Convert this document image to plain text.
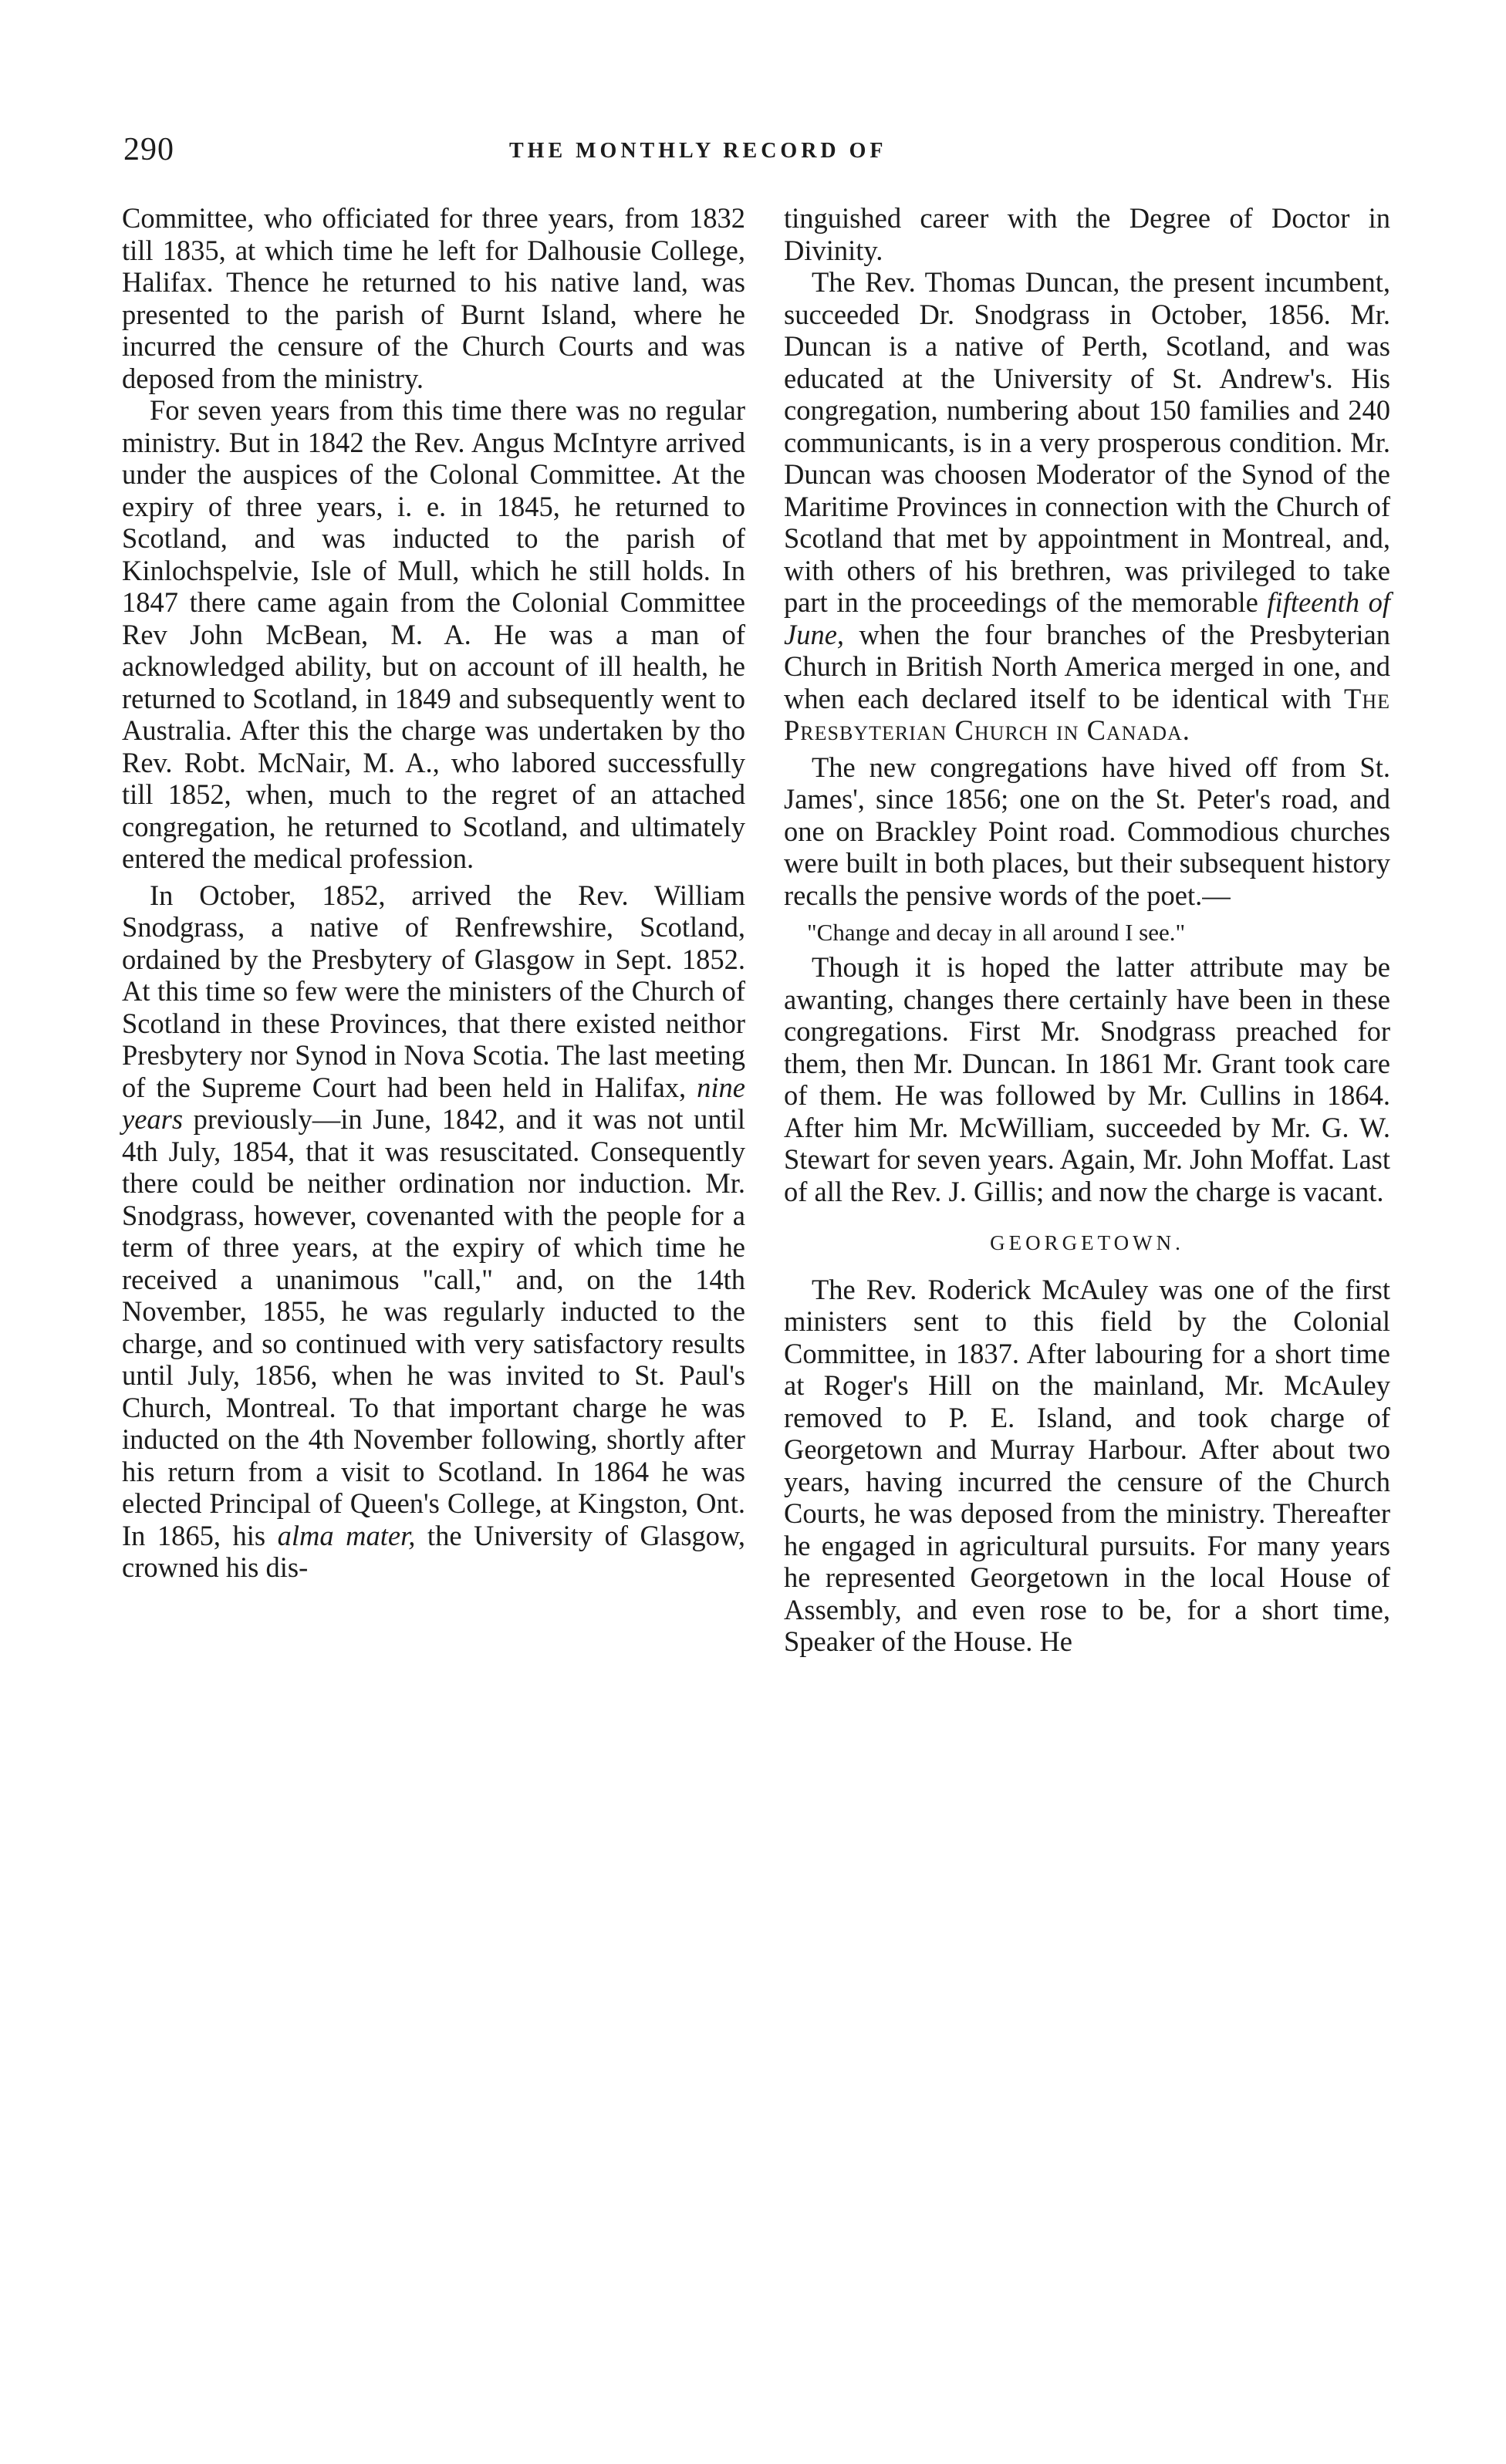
290	THE MONTHLY RECORD OF

Committee, who officiated for three years, from 1832 till 1835, at which time he left for Dalhousie College, Halifax. Thence he returned to his native land, was presented to the parish of Burnt Island, where he incurred the censure of the Church Courts and was deposed from the ministry.

For seven years from this time there was no regular ministry. But in 1842 the Rev. Angus McIntyre arrived under the auspices of the Colonal Committee. At the expiry of three years, i. e. in 1845, he returned to Scotland, and was inducted to the parish of Kinlochspelvie, Isle of Mull, which he still holds. In 1847 there came again from the Colonial Committee Rev John McBean, M. A. He was a man of acknowledged ability, but on account of ill health, he returned to Scotland, in 1849 and subsequently went to Australia. After this the charge was undertaken by tho Rev. Robt. McNair, M. A., who labored successfully till 1852, when, much to the regret of an attached congregation, he returned to Scotland, and ultimately entered the medical profession.

In October, 1852, arrived the Rev. William Snodgrass, a native of Renfrewshire, Scotland, ordained by the Presbytery of Glasgow in Sept. 1852. At this time so few were the ministers of the Church of Scotland in these Provinces, that there existed neithor Presbytery nor Synod in Nova Scotia. The last meeting of the Supreme Court had been held in Halifax, nine years previously—in June, 1842, and it was not until 4th July, 1854, that it was resuscitated. Consequently there could be neither ordination nor induction. Mr. Snodgrass, however, covenanted with the people for a term of three years, at the expiry of which time he received a unanimous "call," and, on the 14th November, 1855, he was regularly inducted to the charge, and so continued with very satisfactory results until July, 1856, when he was invited to St. Paul's Church, Montreal. To that important charge he was inducted on the 4th November following, shortly after his return from a visit to Scotland. In 1864 he was elected Principal of Queen's College, at Kingston, Ont. In 1865, his alma mater, the University of Glasgow, crowned his dis-

tinguished career with the Degree of Doctor in Divinity.

The Rev. Thomas Duncan, the present incumbent, succeeded Dr. Snodgrass in October, 1856. Mr. Duncan is a native of Perth, Scotland, and was educated at the University of St. Andrew's. His congregation, numbering about 150 families and 240 communicants, is in a very prosperous condition. Mr. Duncan was choosen Moderator of the Synod of the Maritime Provinces in connection with the Church of Scotland that met by appointment in Montreal, and, with others of his brethren, was privileged to take part in the proceedings of the memorable fifteenth of June, when the four branches of the Presbyterian Church in British North America merged in one, and when each declared itself to be identical with The Presbyterian Church in Canada.

The new congregations have hived off from St. James', since 1856; one on the St. Peter's road, and one on Brackley Point road. Commodious churches were built in both places, but their subsequent history recalls the pensive words of the poet.—

"Change and decay in all around I see."

Though it is hoped the latter attribute may be awanting, changes there certainly have been in these congregations. First Mr. Snodgrass preached for them, then Mr. Duncan. In 1861 Mr. Grant took care of them. He was followed by Mr. Cullins in 1864. After him Mr. McWilliam, succeeded by Mr. G. W. Stewart for seven years. Again, Mr. John Moffat. Last of all the Rev. J. Gillis; and now the charge is vacant.

GEORGETOWN.

The Rev. Roderick McAuley was one of the first ministers sent to this field by the Colonial Committee, in 1837. After labouring for a short time at Roger's Hill on the mainland, Mr. McAuley removed to P. E. Island, and took charge of Georgetown and Murray Harbour. After about two years, having incurred the censure of the Church Courts, he was deposed from the ministry. Thereafter he engaged in agricultural pursuits. For many years he represented Georgetown in the local House of Assembly, and even rose to be, for a short time, Speaker of the House. He
